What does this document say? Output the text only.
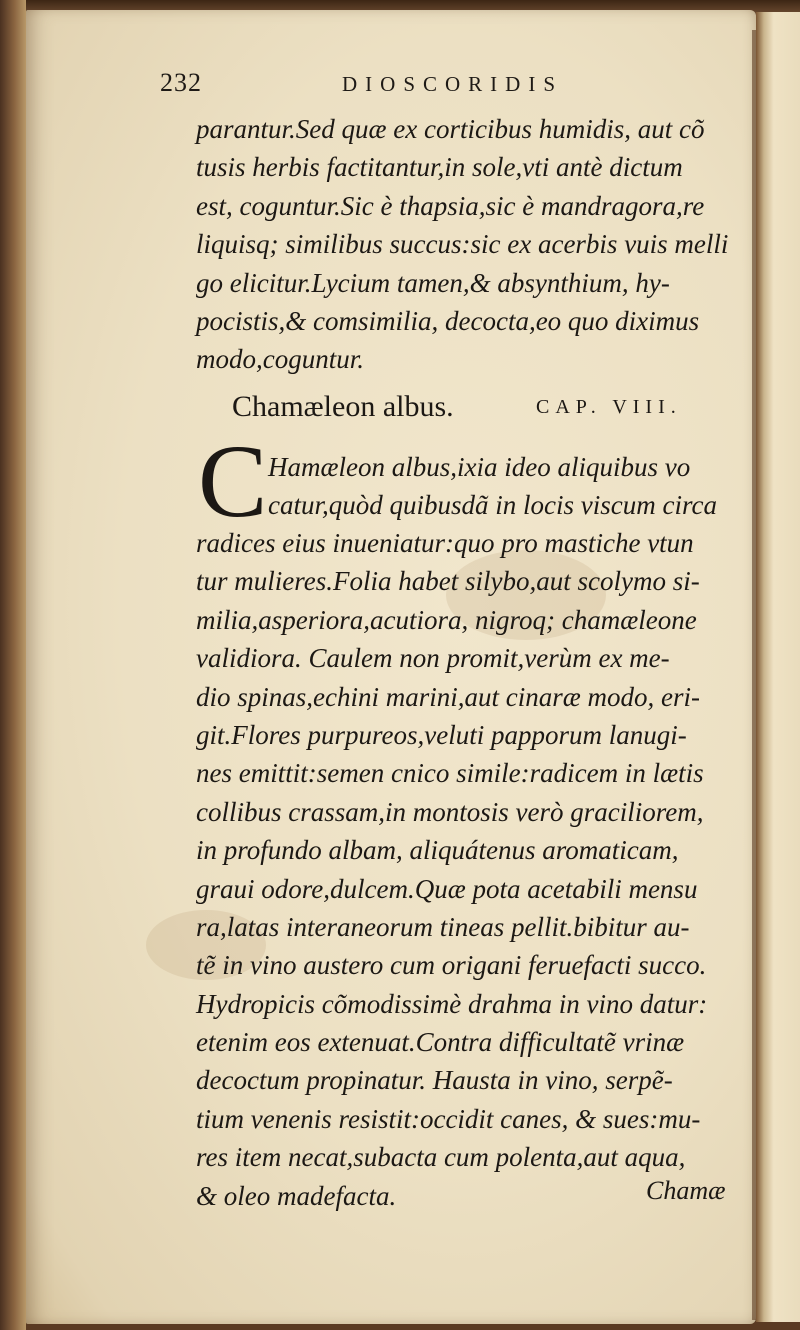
232	DIOSCORIDIS
parantur.Sed quæ ex corticibus humidis, aut cõ
tusis herbis factitantur,in sole,vti antè dictum
est, coguntur.Sic è thapsia,sic è mandragora,re
liquisq; similibus succus:sic ex acerbis vuis melli
go elicitur.Lycium tamen,& absynthium, hy-
pocistis,& comsimilia, decocta,eo quo diximus
modo,coguntur.
Chamæleon albus.	CAP. VIII.
C Hamæleon albus,ixia ideo aliquibus vo
catur,quòd quibusdã in locis viscum circa
radices eius inueniatur:quo pro mastiche vtun
tur mulieres.Folia habet silybo,aut scolymo si-
milia,asperiora,acutiora, nigroq; chamæleone
validiora. Caulem non promit,verùm ex me-
dio spinas,echini marini,aut cinaræ modo, eri-
git.Flores purpureos,veluti papporum lanugi-
nes emittit:semen cnico simile:radicem in lætis
collibus crassam,in montosis verò graciliorem,
in profundo albam, aliquátenus aromaticam,
graui odore,dulcem.Quæ pota acetabili mensu
ra,latas interaneorum tineas pellit.bibitur au-
tẽ in vino austero cum origani feruefacti succo.
Hydropicis cõmodissimè drahma in vino datur:
etenim eos extenuat.Contra difficultatẽ vrinæ
decoctum propinatur. Hausta in vino, serpẽ-
tium venenis resistit:occidit canes, & sues:mu-
res item necat,subacta cum polenta,aut aqua,
& oleo madefacta.	Chamæ
